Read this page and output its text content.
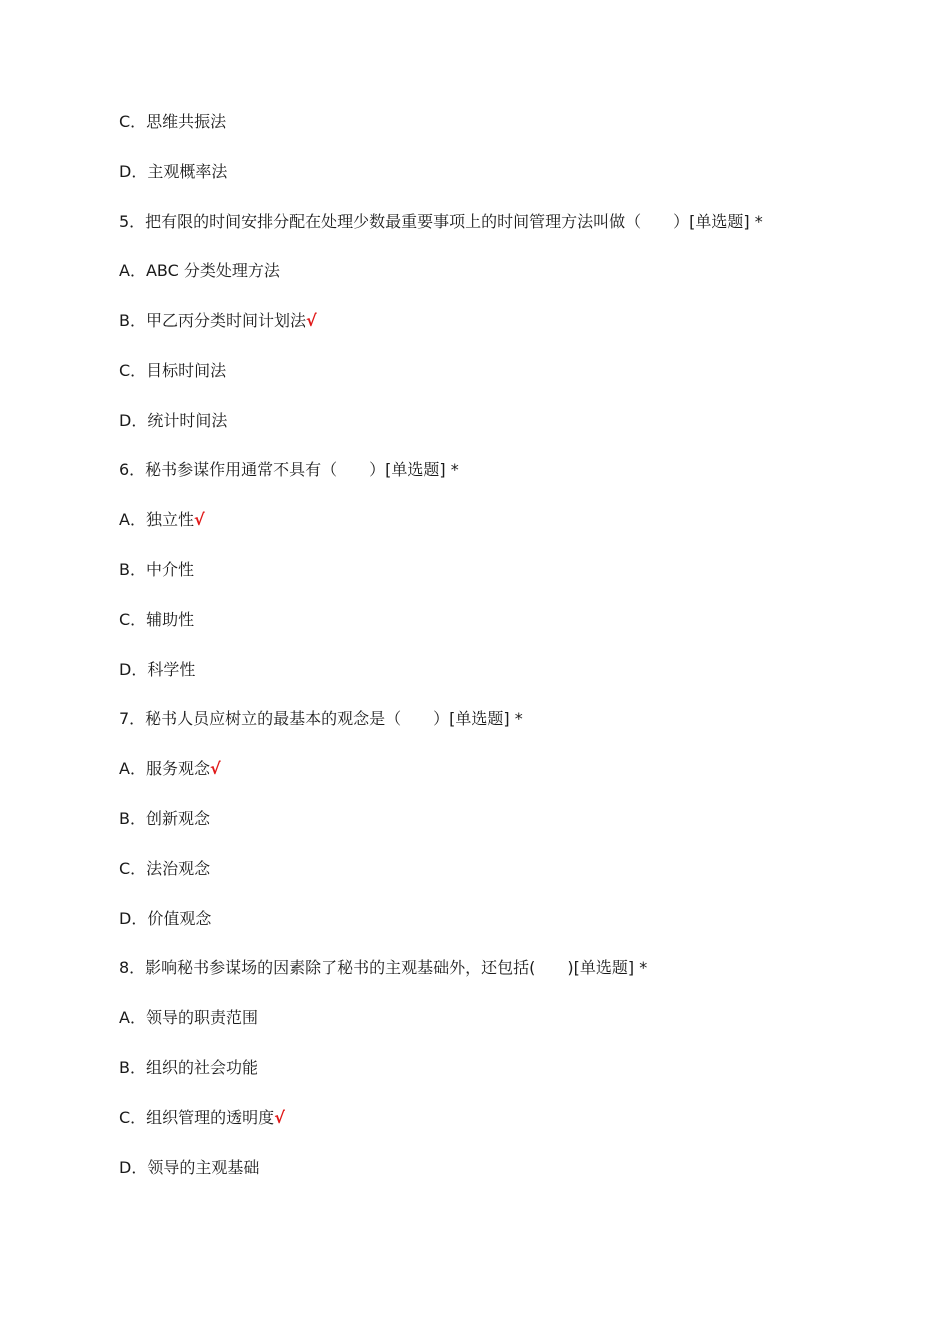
C．思维共振法
D．主观概率法
5．把有限的时间安排分配在处理少数最重要事项上的时间管理方法叫做（　　）[单选题] *
A．ABC 分类处理方法
B．甲乙丙分类时间计划法√
C．目标时间法
D．统计时间法
6．秘书参谋作用通常不具有（　　）[单选题] *
A．独立性√
B．中介性
C．辅助性
D．科学性
7．秘书人员应树立的最基本的观念是（　　）[单选题] *
A．服务观念√
B．创新观念
C．法治观念
D．价值观念
8．影响秘书参谋场的因素除了秘书的主观基础外，还包括(　　)[单选题] *
A．领导的职责范围
B．组织的社会功能
C．组织管理的透明度√
D．领导的主观基础
